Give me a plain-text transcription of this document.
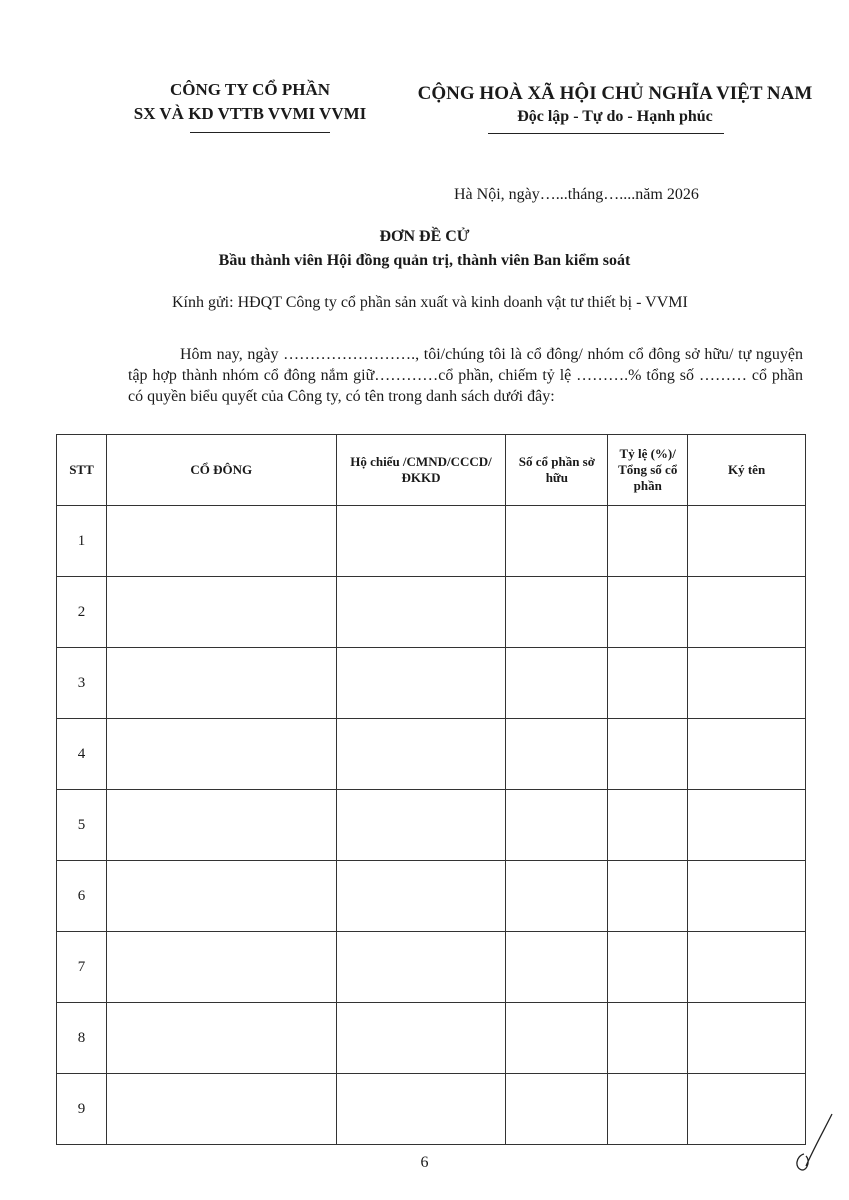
CÔNG TY CỔ PHẦN
SX VÀ KD VTTB VVMI VVMI
CỘNG HOÀ XÃ HỘI CHỦ NGHĨA VIỆT NAM
Độc lập - Tự do - Hạnh phúc
Hà Nội, ngày…...tháng…....năm 2026
ĐƠN ĐỀ CỬ
Bầu thành viên Hội đồng quản trị, thành viên Ban kiểm soát
Kính gửi: HĐQT Công ty cổ phần sản xuất và kinh doanh vật tư thiết bị - VVMI
Hôm nay, ngày ……………………., tôi/chúng tôi là cổ đông/ nhóm cổ đông sở hữu/ tự nguyện tập hợp thành nhóm cổ đông nắm giữ…………cổ phần, chiếm tỷ lệ ……….% tổng số ……… cổ phần có quyền biểu quyết của Công ty, có tên trong danh sách dưới đây:
STT	CỔ ĐÔNG	Hộ chiếu /CMND/CCCD/ĐKKD	Số cổ phần sở hữu	Tỷ lệ (%)/ Tổng số cổ phần	Ký tên
1					
2					
3					
4					
5					
6					
7					
8					
9					
6
